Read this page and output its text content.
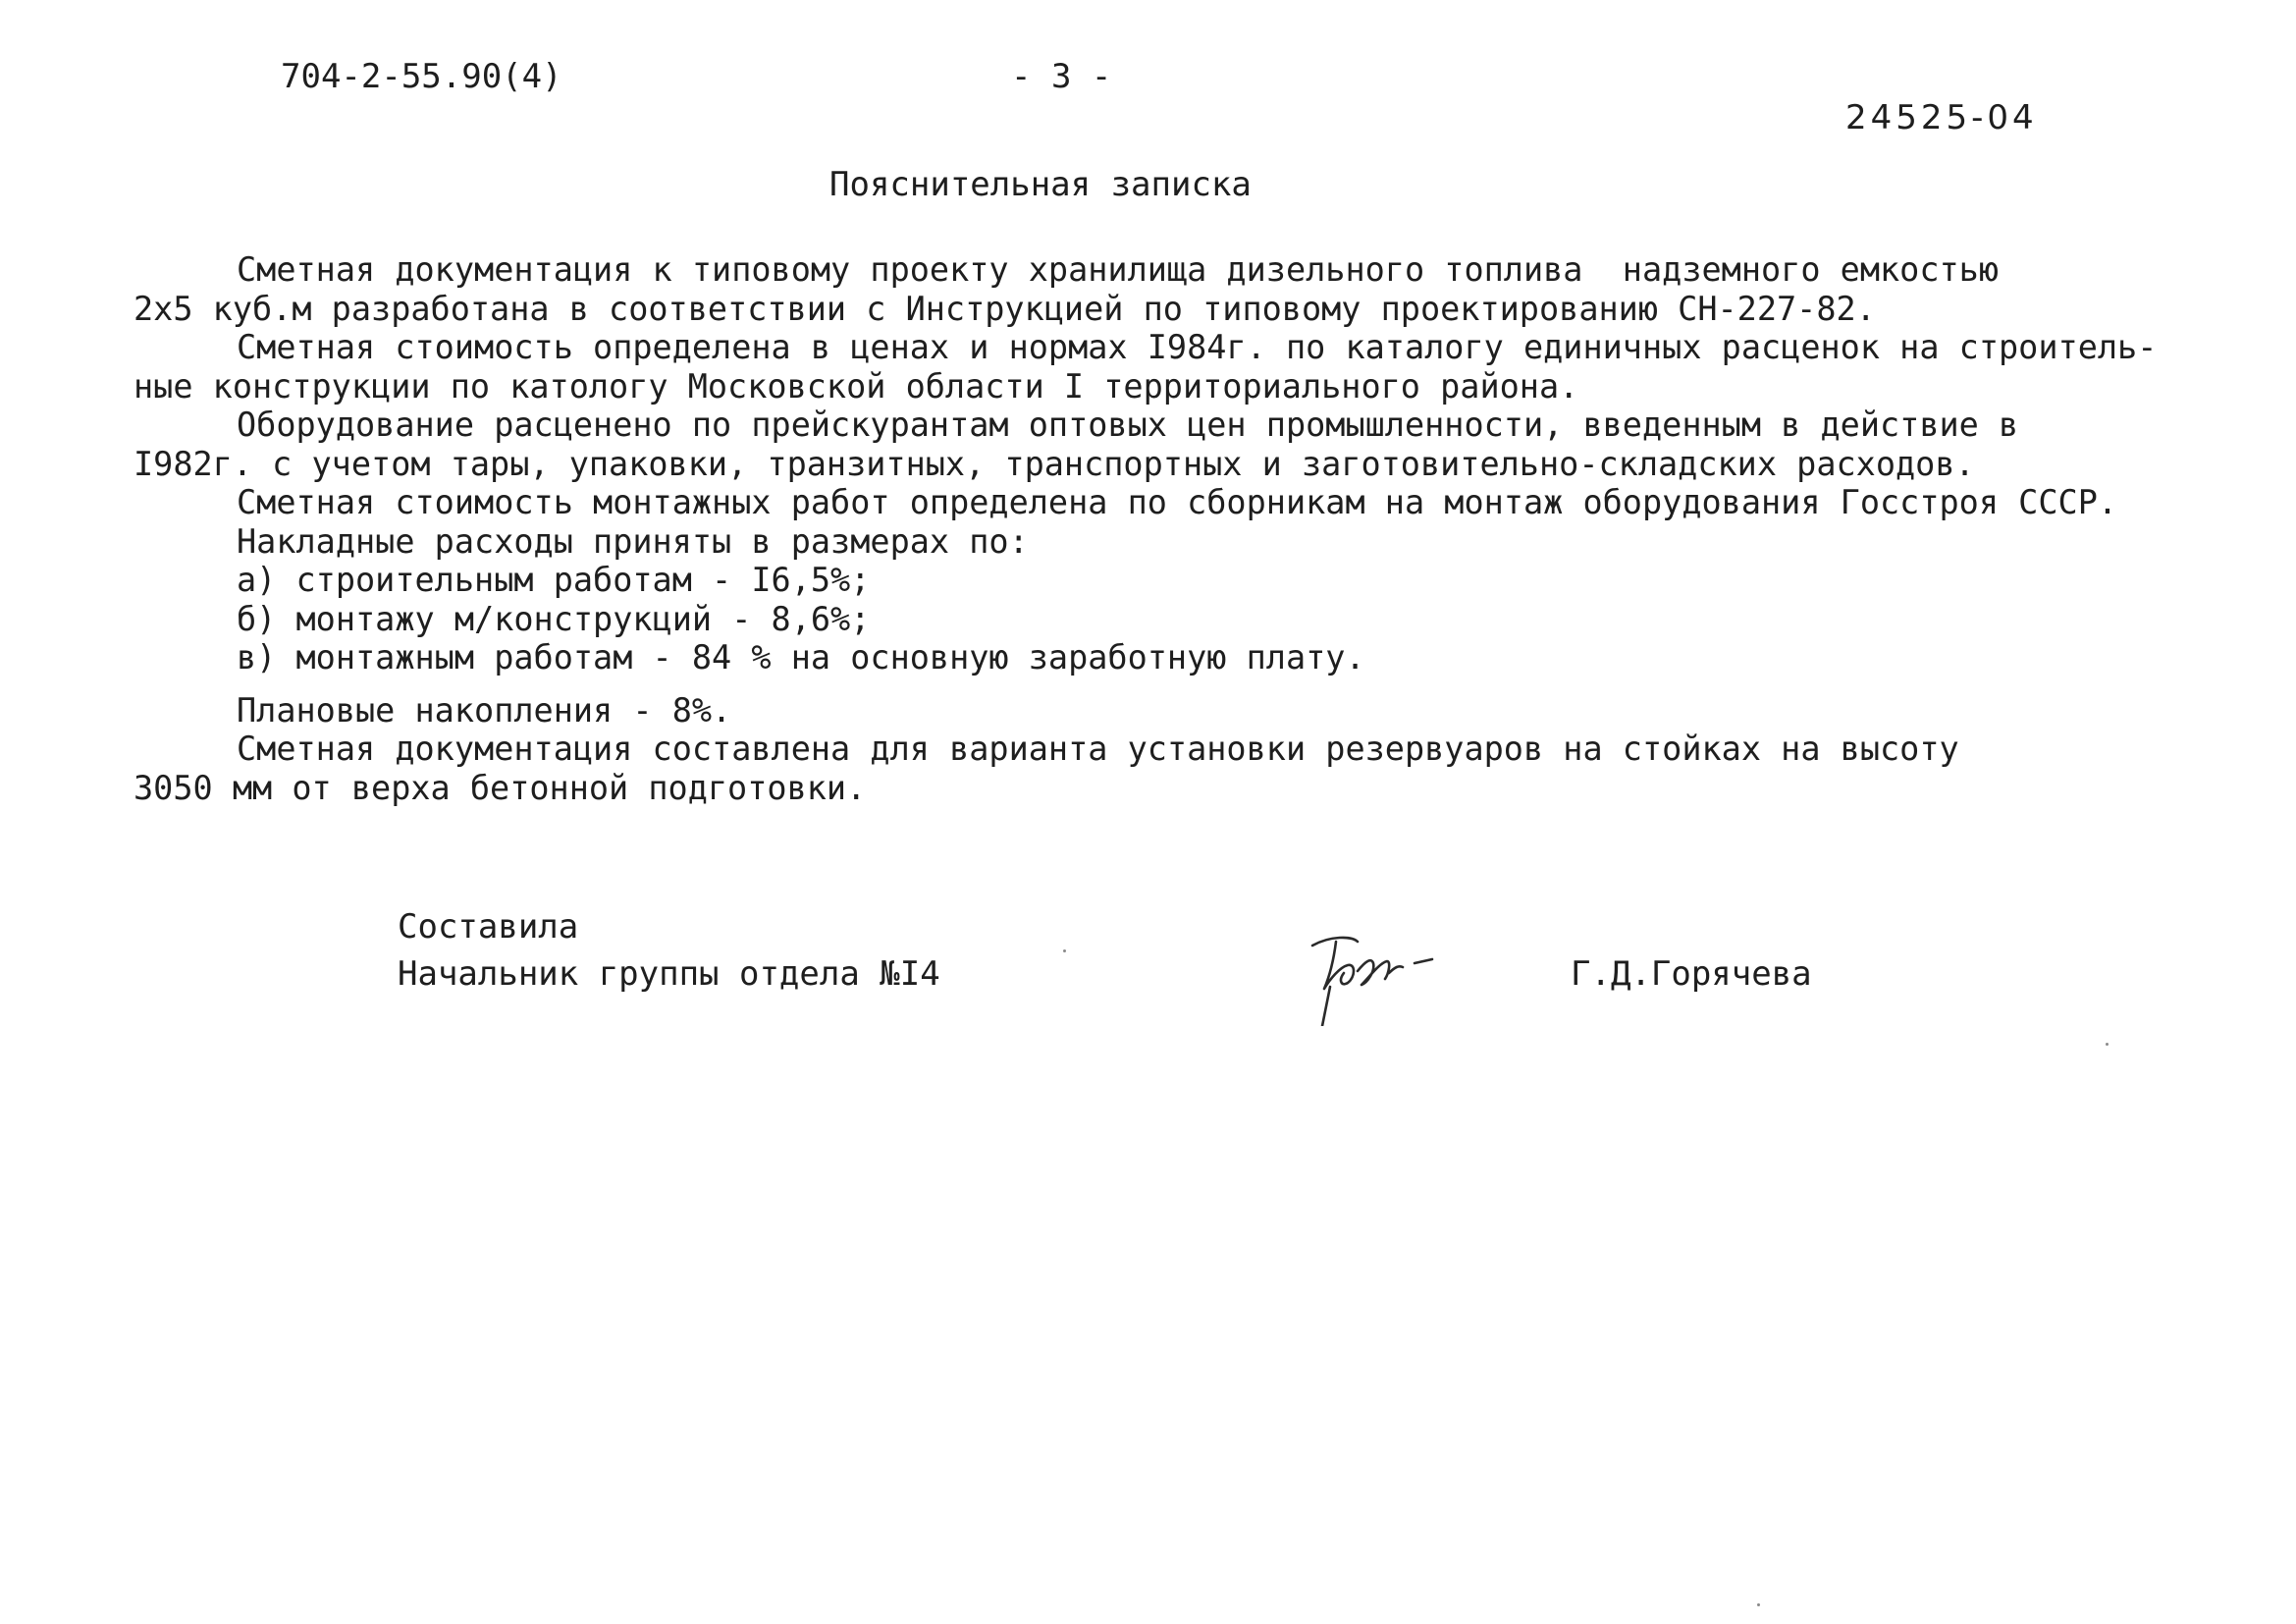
704-2-55.90(4)	- 3 -
24525-04
Пояснительная записка
Сметная документация к типовому проекту хранилища дизельного топлива  надземного емкостью
2х5 куб.м разработана в соответствии с Инструкцией по типовому проектированию СН-227-82.
Сметная стоимость определена в ценах и нормах I984г. по каталогу единичных расценок на строитель-
ные конструкции по катологу Московской области I территориального района.
Оборудование расценено по прейскурантам оптовых цен промышленности, введенным в действие в
I982г. с учетом тары, упаковки, транзитных, транспортных и заготовительно-складских расходов.
Сметная стоимость монтажных работ определена по сборникам на монтаж оборудования Госстроя СССР.
Накладные расходы приняты в размерах по:
а) строительным работам - I6,5%;
б) монтажу м/конструкций - 8,6%;
в) монтажным работам - 84 % на основную заработную плату.
Плановые накопления - 8%.
Сметная документация составлена для варианта установки резервуаров на стойках на высоту
3050 мм от верха бетонной подготовки.
Составила
Начальник группы отдела №I4	Г.Д.Горячева
